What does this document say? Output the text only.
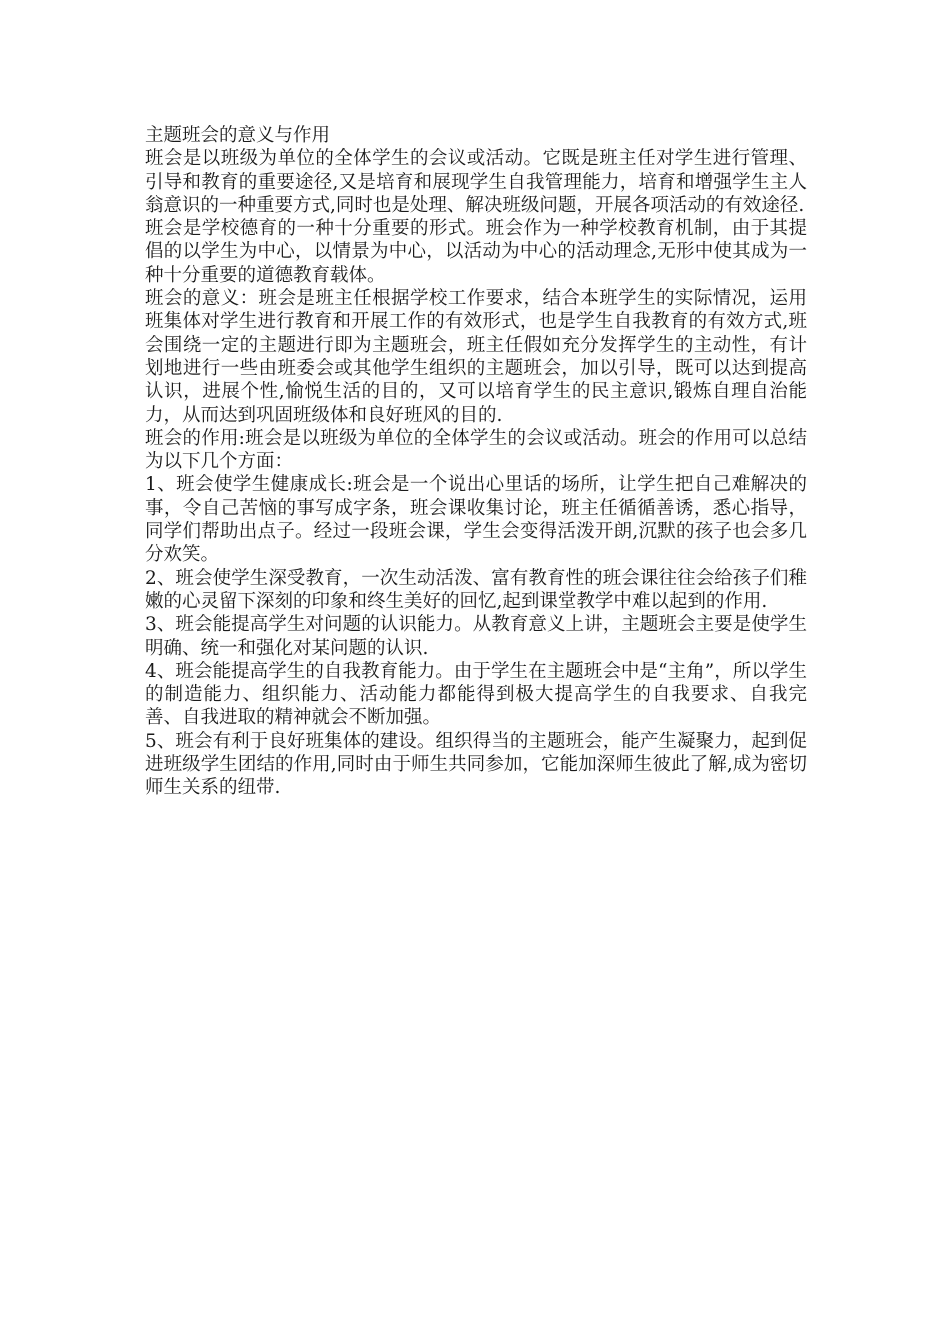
主题班会的意义与作用

班会是以班级为单位的全体学生的会议或活动。它既是班主任对学生进行管理、引导和教育的重要途径,又是培育和展现学生自我管理能力，培育和增强学生主人翁意识的一种重要方式,同时也是处理、解决班级问题，开展各项活动的有效途径.

班会是学校德育的一种十分重要的形式。班会作为一种学校教育机制，由于其提倡的以学生为中心，以情景为中心，以活动为中心的活动理念,无形中使其成为一种十分重要的道德教育载体。

班会的意义：班会是班主任根据学校工作要求，结合本班学生的实际情况，运用班集体对学生进行教育和开展工作的有效形式，也是学生自我教育的有效方式,班会围绕一定的主题进行即为主题班会，班主任假如充分发挥学生的主动性，有计划地进行一些由班委会或其他学生组织的主题班会，加以引导，既可以达到提高认识，进展个性,愉悦生活的目的，又可以培育学生的民主意识,锻炼自理自治能力，从而达到巩固班级体和良好班风的目的.

班会的作用:班会是以班级为单位的全体学生的会议或活动。班会的作用可以总结为以下几个方面：

1、班会使学生健康成长:班会是一个说出心里话的场所，让学生把自己难解决的事，令自己苦恼的事写成字条，班会课收集讨论，班主任循循善诱，悉心指导，同学们帮助出点子。经过一段班会课，学生会变得活泼开朗,沉默的孩子也会多几分欢笑。

2、班会使学生深受教育，一次生动活泼、富有教育性的班会课往往会给孩子们稚嫩的心灵留下深刻的印象和终生美好的回忆,起到课堂教学中难以起到的作用.

3、班会能提高学生对问题的认识能力。从教育意义上讲，主题班会主要是使学生明确、统一和强化对某问题的认识.

4、班会能提高学生的自我教育能力。由于学生在主题班会中是“主角”，所以学生的制造能力、组织能力、活动能力都能得到极大提高学生的自我要求、自我完善、自我进取的精神就会不断加强。

5、班会有利于良好班集体的建设。组织得当的主题班会，能产生凝聚力，起到促进班级学生团结的作用,同时由于师生共同参加，它能加深师生彼此了解,成为密切师生关系的纽带.
